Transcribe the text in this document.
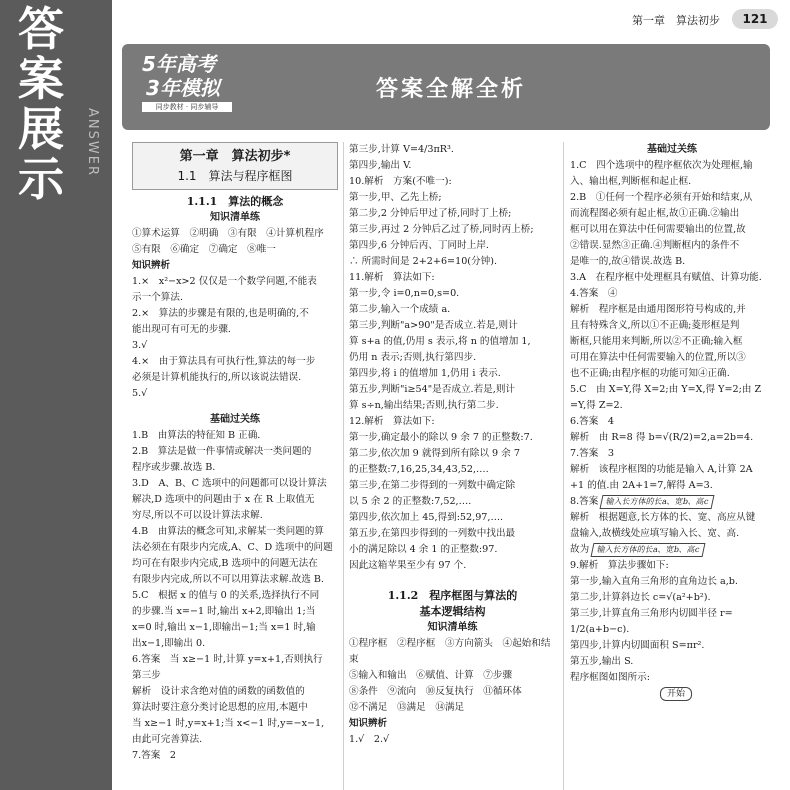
答案展示
ANSWER
第一章　算法初步	121
5年高考
3年模拟
同步教材 · 同步辅导
答案全解全析
第一章　算法初步*
1.1　算法与程序框图
1.1.1　算法的概念
知识清单练

①算术运算　②明确　③有限　④计算机程序

⑤有限　⑥确定　⑦确定　⑧唯一

知识辨析

1.×　x²−x>2 仅仅是一个数学问题,不能表

示一个算法.

2.×　算法的步骤是有限的,也是明确的,不

能出现可有可无的步骤.

3.√

4.×　由于算法具有可执行性,算法的每一步

必须是计算机能执行的,所以该说法错误.

5.√

基础过关练

1.B　由算法的特征知 B 正确.

2.B　算法是做一件事情或解决一类问题的

程序或步骤.故选 B.

3.D　A、B、C 选项中的问题都可以设计算法

解决,D 选项中的问题由于 x 在 R 上取值无

穷尽,所以不可以设计算法求解.

4.B　由算法的概念可知,求解某一类问题的算

法必须在有限步内完成,A、C、D 选项中的问题

均可在有限步内完成,B 选项中的问题无法在

有限步内完成,所以不可以用算法求解.故选 B.

5.C　根据 x 的值与 0 的关系,选择执行不同

的步骤.当 x=−1 时,输出 x+2,即输出 1;当

x=0 时,输出 x−1,即输出−1;当 x=1 时,输

出x−1,即输出 0.

6.答案　当 x≥−1 时,计算 y=x+1,否则执行

第三步

解析　设计求含绝对值的函数的函数值的

算法时要注意分类讨论思想的应用,本题中

当 x≥−1 时,y=x+1;当 x<−1 时,y=−x−1,

由此可完善算法.

7.答案　2

第三步,计算 V=4/3πR³.

第四步,输出 V.

10.解析　方案(不唯一):

第一步,甲、乙先上桥;

第二步,2 分钟后甲过了桥,同时丁上桥;

第三步,再过 2 分钟后乙过了桥,同时丙上桥;

第四步,6 分钟后丙、丁同时上岸.

∴ 所需时间是 2+2+6=10(分钟).

11.解析　算法如下:

第一步,令 i=0,n=0,s=0.

第二步,输入一个成绩 a.

第三步,判断"a>90"是否成立.若是,则计

算 s+a 的值,仍用 s 表示,将 n 的值增加 1,

仍用 n 表示;否则,执行第四步.

第四步,将 i 的值增加 1,仍用 i 表示.

第五步,判断"i≥54"是否成立.若是,则计

算 s÷n,输出结果;否则,执行第二步.

12.解析　算法如下:

第一步,确定最小的除以 9 余 7 的正整数:7.

第二步,依次加 9 就得到所有除以 9 余 7

的正整数:7,16,25,34,43,52,….

第三步,在第二步得到的一列数中确定除

以 5 余 2 的正整数:7,52,….

第四步,依次加上 45,得到:52,97,….

第五步,在第四步得到的一列数中找出最

小的满足除以 4 余 1 的正整数:97.

因此这箱苹果至少有 97 个.

1.1.2　程序框图与算法的
基本逻辑结构
知识清单练

①程序框　②程序框　③方向箭头　④起始和结束

⑤输入和输出　⑥赋值、计算　⑦步骤

⑧条件　⑨流向　⑩反复执行　⑪循环体

⑫不满足　⑬满足　⑭满足

知识辨析

1.√　2.√

基础过关练

1.C　四个选项中的程序框依次为处理框,输

入、输出框,判断框和起止框.

2.B　①任何一个程序必须有开始和结束,从

而流程图必须有起止框,故①正确.②输出

框可以用在算法中任何需要输出的位置,故

②错误.显然③正确.④判断框内的条件不

是唯一的,故④错误.故选 B.

3.A　在程序框中处理框具有赋值、计算功能.

4.答案　④

解析　程序框是由通用图形符号构成的,并

且有特殊含义,所以①不正确;菱形框是判

断框,只能用来判断,所以②不正确;输入框

可用在算法中任何需要输入的位置,所以③

也不正确;由程序框的功能可知④正确.

5.C　由 X=Y,得 X=2;由 Y=X,得 Y=2;由 Z

=Y,得 Z=2.

6.答案　4

解析　由 R=8 得 b=√(R/2)=2,a=2b=4.

7.答案　3

解析　该程序框图的功能是输入 A,计算 2A

+1 的值.由 2A+1=7,解得 A=3.

8.答案 输入长方体的长a、宽b、高c

解析　根据题意,长方体的长、宽、高应从键

盘输入,故横线处应填写输入长、宽、高.

故为 输入长方体的长a、宽b、高c

9.解析　算法步骤如下:

第一步,输入直角三角形的直角边长 a,b.

第二步,计算斜边长 c=√(a²+b²).

第三步,计算直角三角形内切圆半径 r=

1/2(a+b−c).

第四步,计算内切圆面积 S=πr².

第五步,输出 S.

程序框图如图所示:

开始
